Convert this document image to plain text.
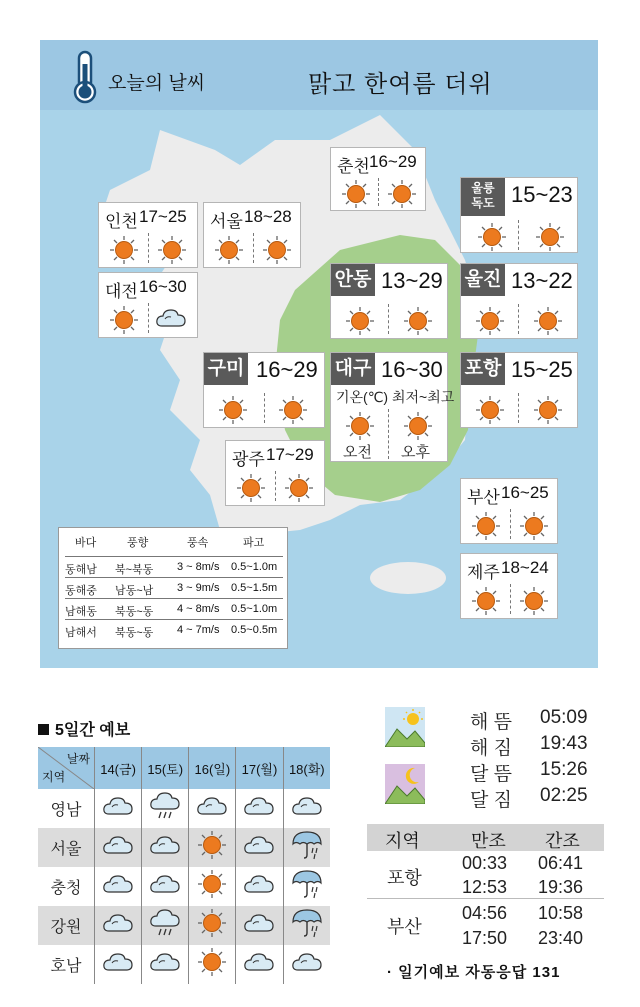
오늘의 날씨	맑고 한여름 더위
춘천 16~29
인천 17~25 서울 18~28
울릉
독도 15~23
대전 16~30	안동 13~29 울진 13~22
구미 16~29 대구 16~30
기온(℃) 최저~최고
오전 오후
포항 15~25
광주 17~29
부산 16~25
제주 18~24
바다	풍향	풍속	파고
동해남 북~북동 3 ~ 8m/s 0.5~1.0m
동해중 남동~남 3 ~ 9m/s 0.5~1.5m
남해동 북동~동 4 ~ 8m/s 0.5~1.0m
남해서 북동~동 4 ~ 7m/s 0.5~0.5m
5일간 예보
날짜
지역	14(금)	15(토)	16(일)	17(월)	18(화)
영남					
서울					
충청					
강원					
호남					
해 뜸 05:09
해 짐 19:43
달 뜸 15:26
달 짐 02:25
지역	만조 간조
포항
00:33 06:41
12:53 19:36
부산
04:56 10:58
17:50 23:40
· 일기예보 자동응답 131
